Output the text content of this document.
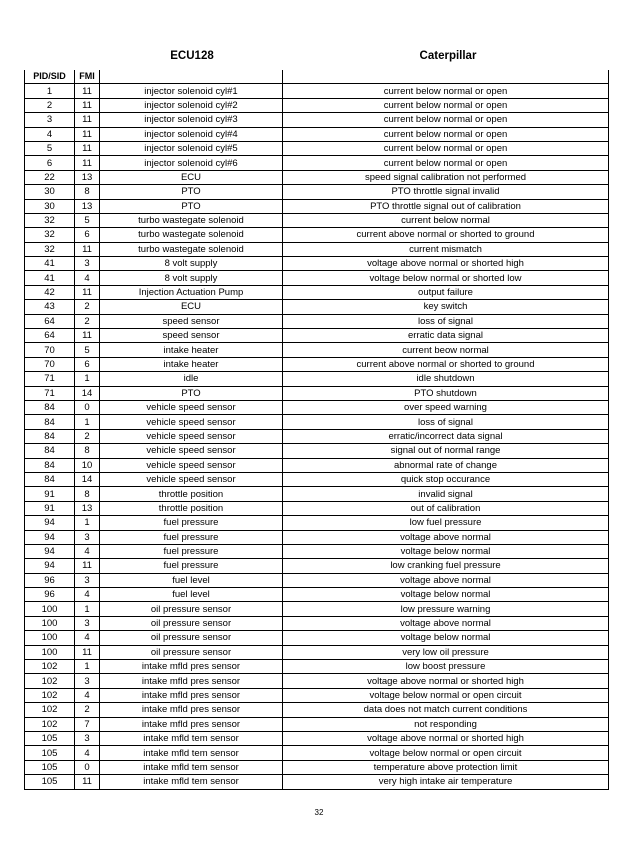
ECU128	Caterpillar
PID/SID	FMI		
1	11	injector solenoid cyl#1	current below normal or open
2	11	injector solenoid cyl#2	current below normal or open
3	11	injector solenoid cyl#3	current below normal or open
4	11	injector solenoid cyl#4	current below normal or open
5	11	injector solenoid cyl#5	current below normal or open
6	11	injector solenoid cyl#6	current below normal or open
22	13	ECU	speed signal calibration not performed
30	8	PTO	PTO throttle signal invalid
30	13	PTO	PTO throttle signal out of calibration
32	5	turbo wastegate solenoid	current below normal
32	6	turbo wastegate solenoid	current above normal or shorted to ground
32	11	turbo wastegate solenoid	current mismatch
41	3	8 volt supply	voltage above normal or shorted high
41	4	8 volt supply	voltage below normal or shorted low
42	11	Injection Actuation Pump	output failure
43	2	ECU	key switch
64	2	speed sensor	loss of signal
64	11	speed sensor	erratic data signal
70	5	intake heater	current beow normal
70	6	intake heater	current above normal or shorted to ground
71	1	idle	idle shutdown
71	14	PTO	PTO shutdown
84	0	vehicle speed sensor	over speed warning
84	1	vehicle speed sensor	loss of signal
84	2	vehicle speed sensor	erratic/incorrect data signal
84	8	vehicle speed sensor	signal out of normal range
84	10	vehicle speed sensor	abnormal rate of change
84	14	vehicle speed sensor	quick stop occurance
91	8	throttle position	invalid signal
91	13	throttle position	out of calibration
94	1	fuel pressure	low fuel pressure
94	3	fuel pressure	voltage above normal
94	4	fuel pressure	voltage below normal
94	11	fuel pressure	low cranking fuel pressure
96	3	fuel level	voltage above normal
96	4	fuel level	voltage below normal
100	1	oil pressure sensor	low pressure warning
100	3	oil pressure sensor	voltage above normal
100	4	oil pressure sensor	voltage below normal
100	11	oil pressure sensor	very low oil pressure
102	1	intake mfld pres sensor	low boost pressure
102	3	intake mfld pres sensor	voltage above normal or shorted high
102	4	intake mfld pres sensor	voltage below normal or open circuit
102	2	intake mfld pres sensor	data does not match current conditions
102	7	intake mfld pres sensor	not responding
105	3	intake mfld tem sensor	voltage above normal or shorted high
105	4	intake mfld tem sensor	voltage below normal or open circuit
105	0	intake mfld tem sensor	temperature above protection limit
105	11	intake mfld tem sensor	very high intake air temperature
32
